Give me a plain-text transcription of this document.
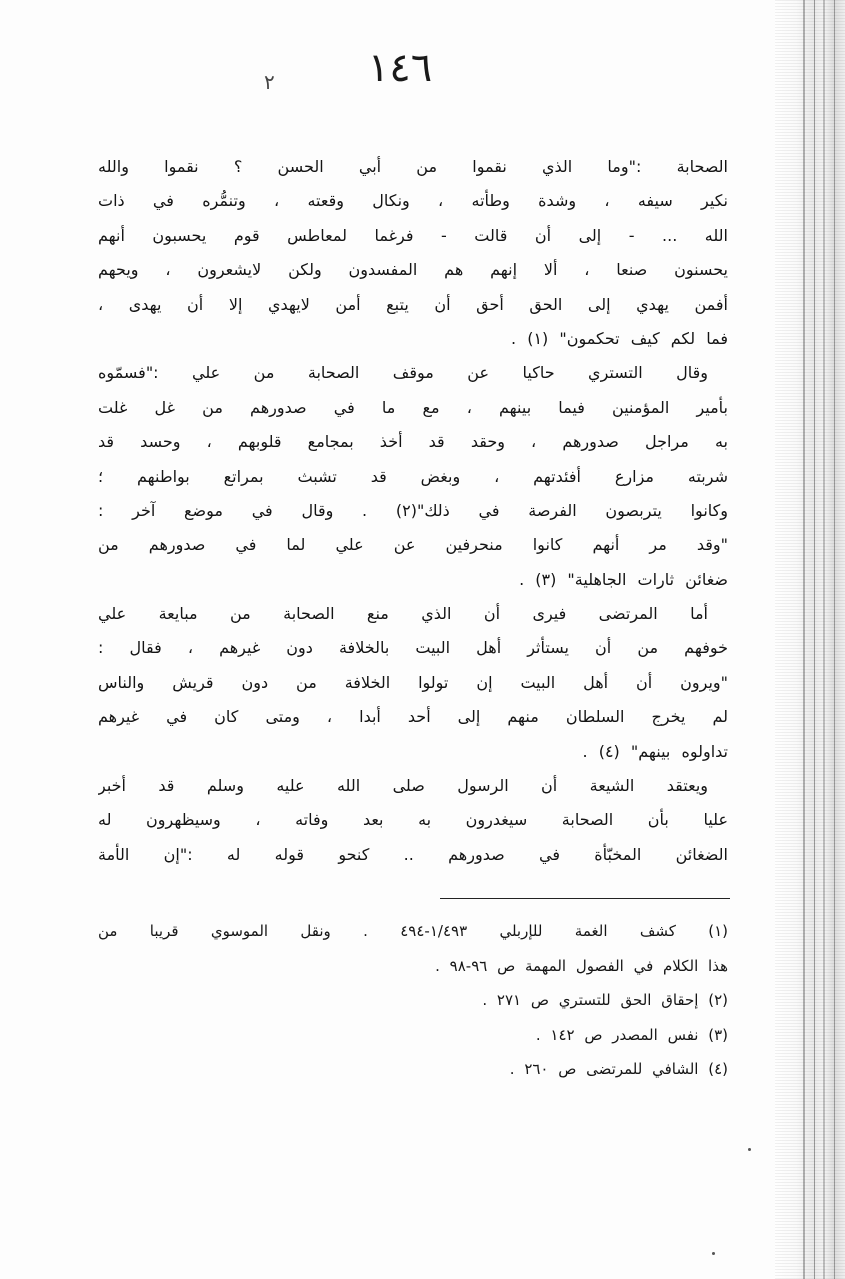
١٤٦
٢
الصحابة :"وما الذي نقموا من أبي الحسن ؟ نقموا والله
نكير سيفه ، وشدة وطأته ، ونكال وقعته ، وتنمُّره في ذات
الله ... - إلى أن قالت - فرغما لمعاطس قوم يحسبون أنهم
يحسنون صنعا ، ألا إنهم هم المفسدون ولكن لايشعرون ، ويحهم
أفمن يهدي إلى الحق أحق أن يتبع أمن لايهدي إلا أن يهدى ،
فما لكم كيف تحكمون" (١) .
وقال التستري حاكيا عن موقف الصحابة من علي :"فسمّوه
بأمير المؤمنين فيما بينهم ، مع ما في صدورهم من غل غلت
به مراجل صدورهم ، وحقد قد أخذ بمجامع قلوبهم ، وحسد قد
شربته مزارع أفئدتهم ، وبغض قد تشبث بمراتع بواطنهم ؛
وكانوا يتربصون الفرصة في ذلك"(٢) . وقال في موضع آخر :
"وقد مر أنهم كانوا منحرفين عن علي لما في صدورهم من
ضغائن ثارات الجاهلية" (٣) .
أما المرتضى فيرى أن الذي منع الصحابة من مبايعة علي
خوفهم من أن يستأثر أهل البيت بالخلافة دون غيرهم ، فقال :
"ويرون أن أهل البيت إن تولوا الخلافة من دون قريش والناس
لم يخرج السلطان منهم إلى أحد أبدا ، ومتى كان في غيرهم
تداولوه بينهم" (٤) .
ويعتقد الشيعة أن الرسول صلى الله عليه وسلم قد أخبر
عليا بأن الصحابة سيغدرون به بعد وفاته ، وسيظهرون له
الضغائن المخبّأة في صدورهم .. كنحو قوله له :"إن الأمة
(١) كشف الغمة للإربلي ١/٤٩٣-٤٩٤ . ونقل الموسوي قريبا من
هذا الكلام في الفصول المهمة ص ٩٦-٩٨ .
(٢) إحقاق الحق للتستري ص ٢٧١ .
(٣) نفس المصدر ص ١٤٢ .
(٤) الشافي للمرتضى ص ٢٦٠ .
